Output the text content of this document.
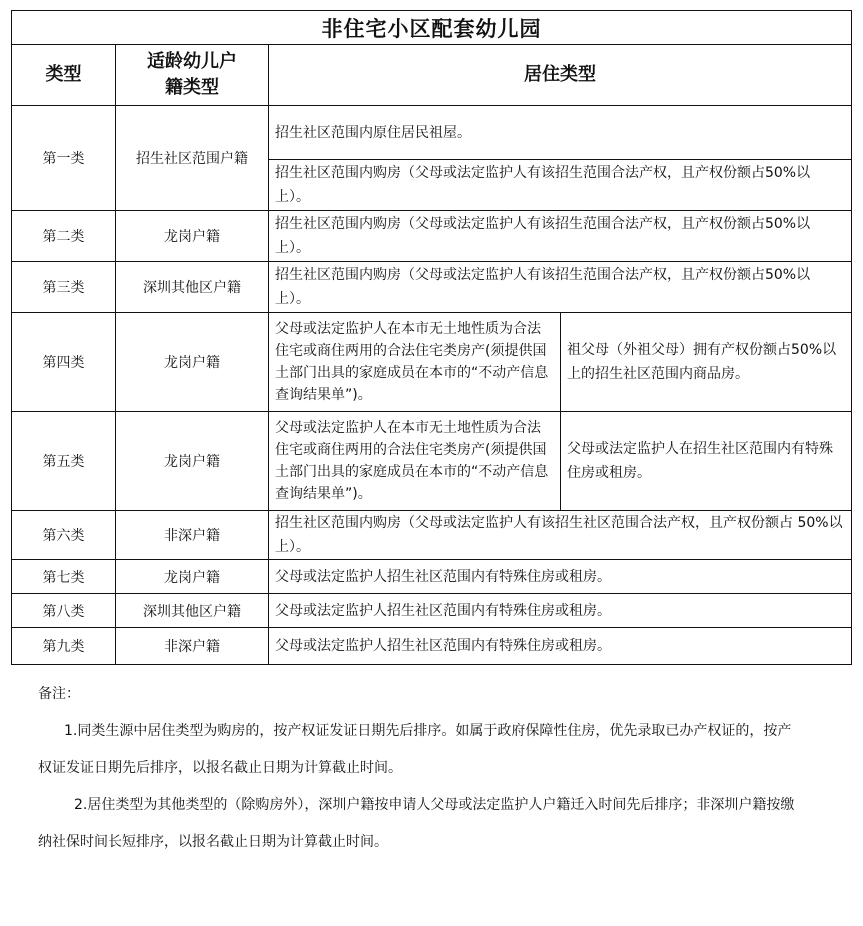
非住宅小区配套幼儿园			
类型	适龄幼儿户籍类型	居住类型	
第一类	招生社区范围户籍	招生社区范围内原住居民祖屋。	
		招生社区范围内购房（父母或法定监护人有该招生范围合法产权，且产权份额占50%以上）。	
第二类	龙岗户籍	招生社区范围内购房（父母或法定监护人有该招生范围合法产权，且产权份额占50%以上）。	
第三类	深圳其他区户籍	招生社区范围内购房（父母或法定监护人有该招生范围合法产权，且产权份额占50%以上）。	
第四类	龙岗户籍	父母或法定监护人在本市无土地性质为合法住宅或商住两用的合法住宅类房产(须提供国土部门出具的家庭成员在本市的“不动产信息查询结果单”)。	祖父母（外祖父母）拥有产权份额占50%以上的招生社区范围内商品房。
第五类	龙岗户籍	父母或法定监护人在本市无土地性质为合法住宅或商住两用的合法住宅类房产(须提供国土部门出具的家庭成员在本市的“不动产信息查询结果单”)。	父母或法定监护人在招生社区范围内有特殊住房或租房。
第六类	非深户籍	招生社区范围内购房（父母或法定监护人有该招生社区范围合法产权，且产权份额占 50%以上）。	
第七类	龙岗户籍	父母或法定监护人招生社区范围内有特殊住房或租房。	
第八类	深圳其他区户籍	父母或法定监护人招生社区范围内有特殊住房或租房。	
第九类	非深户籍	父母或法定监护人招生社区范围内有特殊住房或租房。	

备注：

1.同类生源中居住类型为购房的，按产权证发证日期先后排序。如属于政府保障性住房，优先录取已办产权证的，按产权证发证日期先后排序，以报名截止日期为计算截止时间。

2.居住类型为其他类型的（除购房外），深圳户籍按申请人父母或法定监护人户籍迁入时间先后排序；非深圳户籍按缴纳社保时间长短排序，以报名截止日期为计算截止时间。
